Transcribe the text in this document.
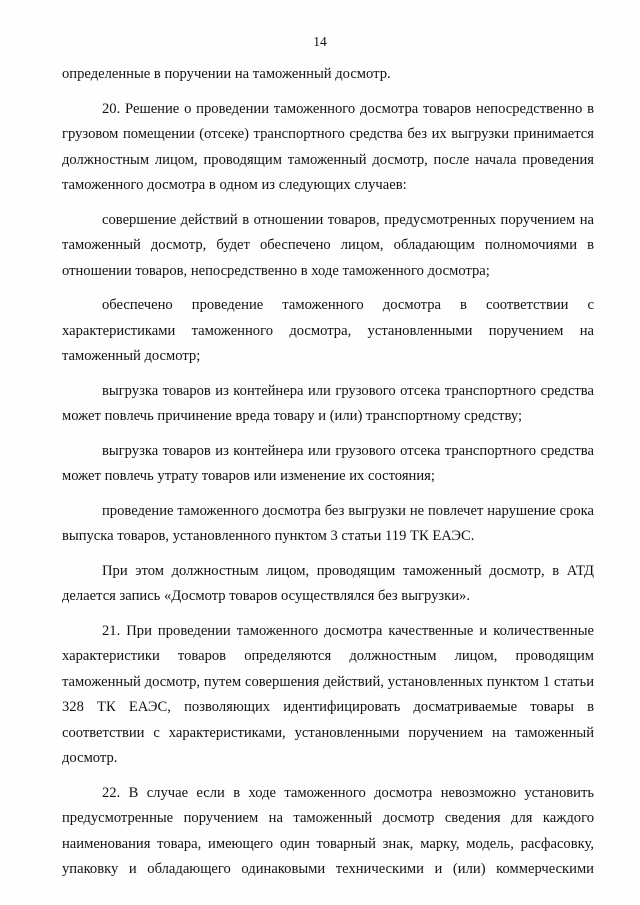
14

определенные в поручении на таможенный досмотр.

20. Решение о проведении таможенного досмотра товаров непосредственно в грузовом помещении (отсеке) транспортного средства без их выгрузки принимается должностным лицом, проводящим таможенный досмотр, после начала проведения таможенного досмотра в одном из следующих случаев:

совершение действий в отношении товаров, предусмотренных поручением на таможенный досмотр, будет обеспечено лицом, обладающим полномочиями в отношении товаров, непосредственно в ходе таможенного досмотра;

обеспечено проведение таможенного досмотра в соответствии с характеристиками таможенного досмотра, установленными поручением на таможенный досмотр;

выгрузка товаров из контейнера или грузового отсека транспортного средства может повлечь причинение вреда товару и (или) транспортному средству;

выгрузка товаров из контейнера или грузового отсека транспортного средства может повлечь утрату товаров или изменение их состояния;

проведение таможенного досмотра без выгрузки не повлечет нарушение срока выпуска товаров, установленного пунктом 3 статьи 119 ТК ЕАЭС.

При этом должностным лицом, проводящим таможенный досмотр, в АТД делается запись «Досмотр товаров осуществлялся без выгрузки».

21. При проведении таможенного досмотра качественные и количественные характеристики товаров определяются должностным лицом, проводящим таможенный досмотр, путем совершения действий, установленных пунктом 1 статьи 328 ТК ЕАЭС, позволяющих идентифицировать досматриваемые товары в соответствии с характеристиками, установленными поручением на таможенный досмотр.

22. В случае если в ходе таможенного досмотра невозможно установить предусмотренные поручением на таможенный досмотр сведения для каждого наименования товара, имеющего один товарный знак, марку, модель, расфасовку, упаковку и обладающего одинаковыми техническими и (или) коммерческими
